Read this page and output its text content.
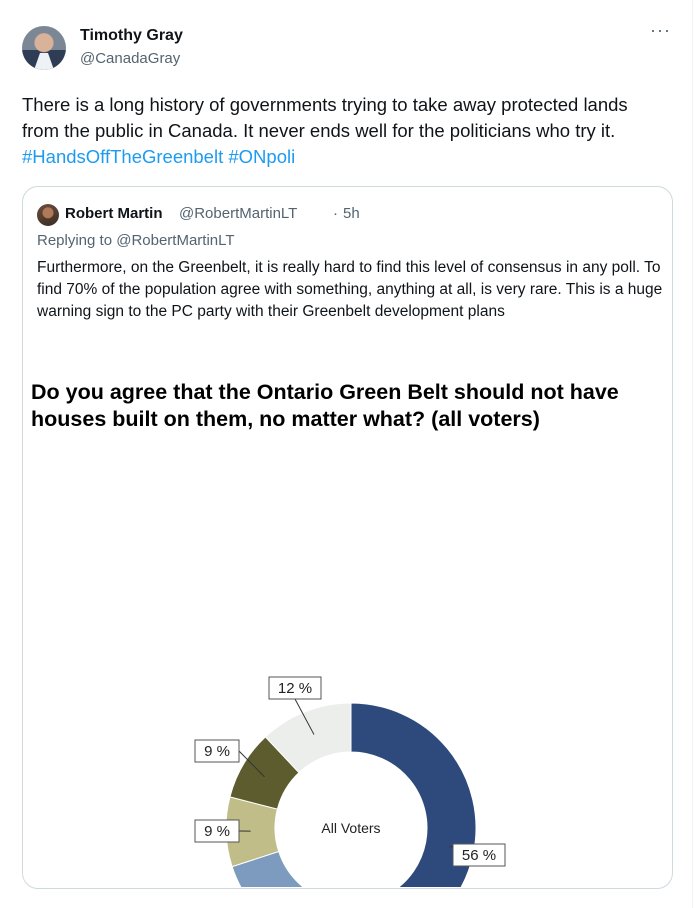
Timothy Gray
@CanadaGray
···
There is a long history of governments trying to take away protected lands from the public in Canada. It never ends well for the politicians who try it. #HandsOffTheGreenbelt #ONpoli
Robert Martin @RobertMartinLT · 5h
Replying to @RobertMartinLT
Furthermore, on the Greenbelt, it is really hard to find this level of consensus in any poll. To find 70% of the population agree with something, anything at all, is very rare. This is a huge warning sign to the PC party with their Greenbelt development plans
Do you agree that the Ontario Green Belt should not have houses built on them, no matter what? (all voters)
All Voters
56 %
9 %
9 %
12 %
